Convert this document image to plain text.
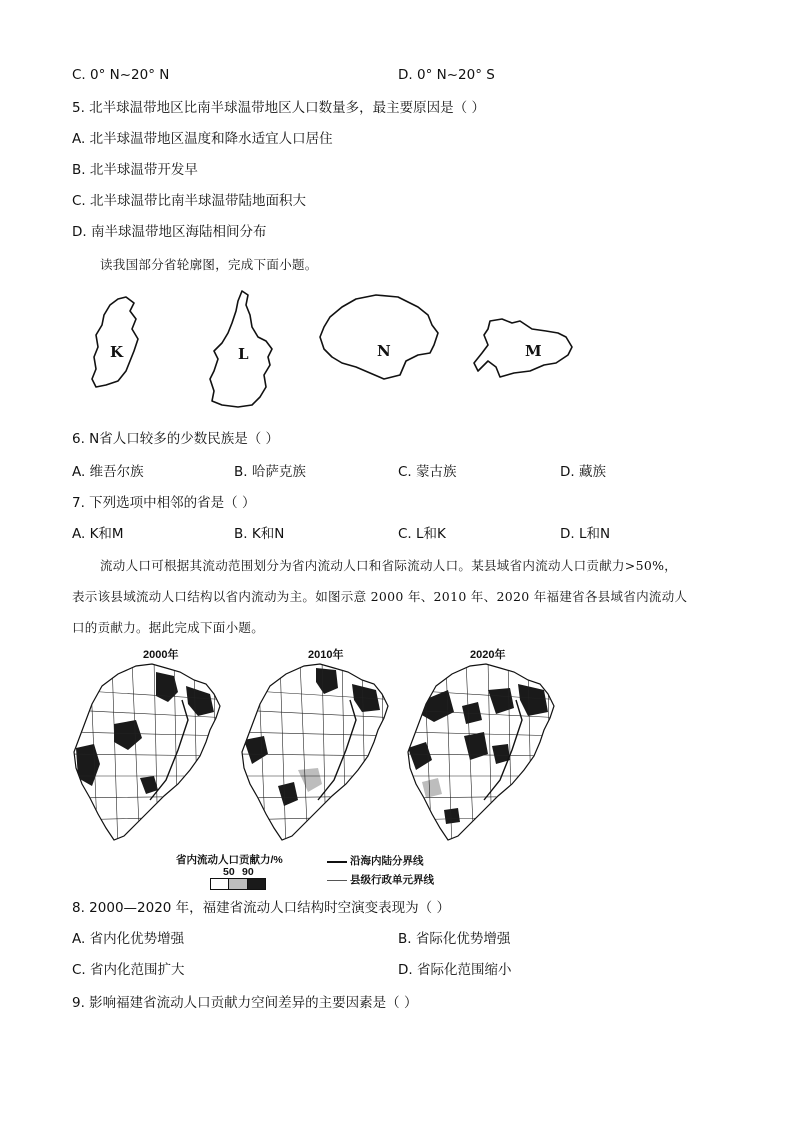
C. 0° N~20° N	D. 0° N~20° S
5. 北半球温带地区比南半球温带地区人口数量多，最主要原因是（ ）
A. 北半球温带地区温度和降水适宜人口居住
B. 北半球温带开发早
C. 北半球温带比南半球温带陆地面积大
D. 南半球温带地区海陆相间分布
读我国部分省轮廓图，完成下面小题。
K	L	N	M
6. N省人口较多的少数民族是（ ）
A. 维吾尔族	B. 哈萨克族	C. 蒙古族	D. 藏族
7. 下列选项中相邻的省是（ ）
A. K和M	B. K和N	C. L和K	D. L和N
流动人口可根据其流动范围划分为省内流动人口和省际流动人口。某县域省内流动人口贡献力>50%，
表示该县域流动人口结构以省内流动为主。如图示意 2000 年、2010 年、2020 年福建省各县域省内流动人
口的贡献力。据此完成下面小题。
2000年	2010年	2020年
省内流动人口贡献力/%
50 90
沿海内陆分界线
县级行政单元界线
8. 2000—2020 年，福建省流动人口结构时空演变表现为（ ）
A. 省内化优势增强	B. 省际化优势增强
C. 省内化范围扩大	D. 省际化范围缩小
9. 影响福建省流动人口贡献力空间差异的主要因素是（ ）
